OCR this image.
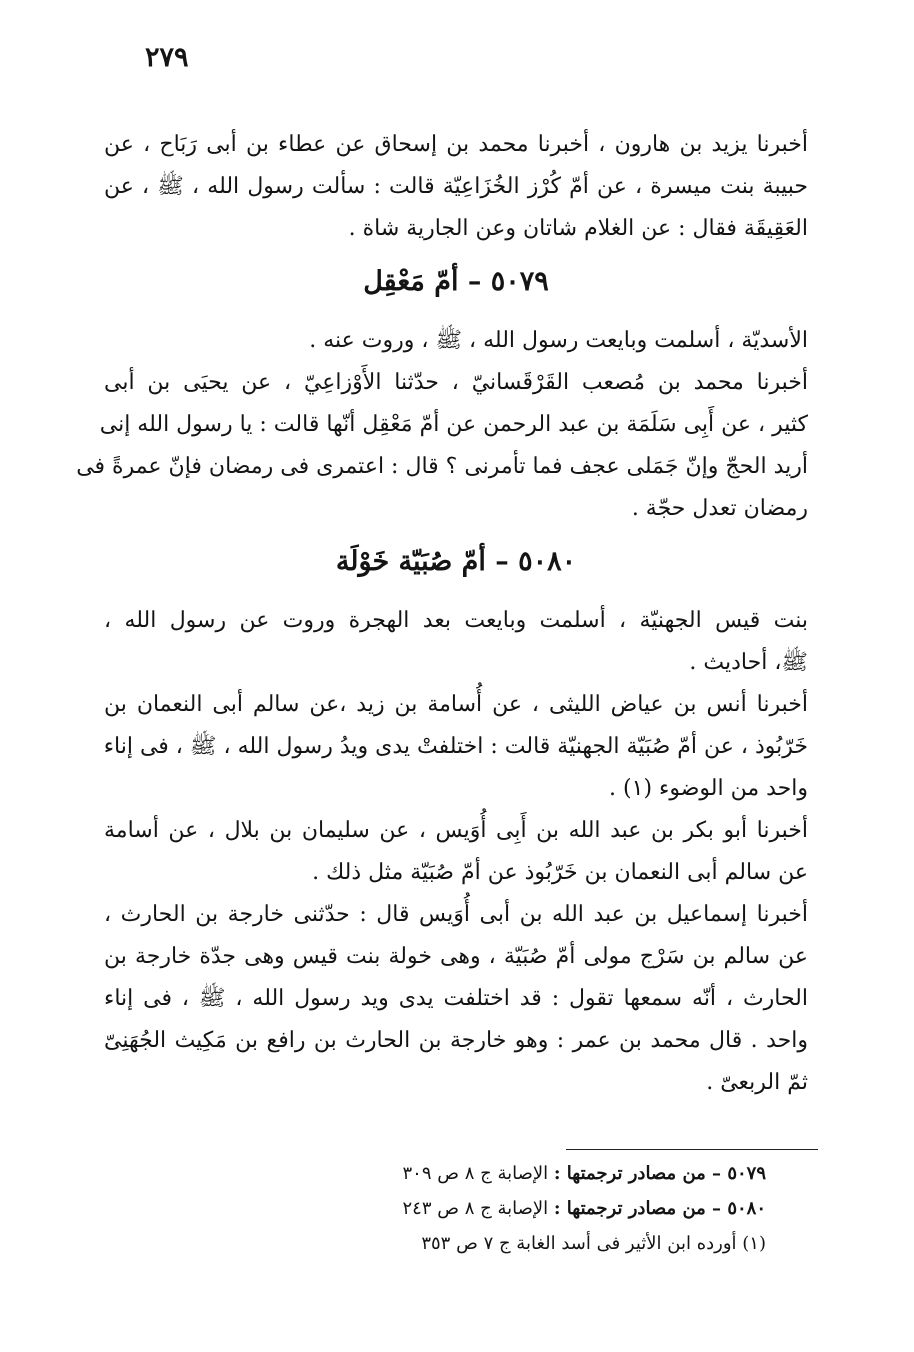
٢٧٩
أخبرنا يزيد بن هارون ، أخبرنا محمد بن إسحاق عن عطاء بن أبى رَبَاح ، عن
حبيبة بنت ميسرة ، عن أمّ كُرْز الخُزَاعِيّة قالت : سألت رسول الله ، ﷺ ، عن
العَقِيقَة فقال : عن الغلام شاتان وعن الجارية شاة .
٥٠٧٩ – أمّ مَعْقِل
الأسديّة ، أسلمت وبايعت رسول الله ، ﷺ ، وروت عنه .
أخبرنا محمد بن مُصعب القَرْقَسانيّ ، حدّثنا الأَوْزاعِيّ ، عن يحيَى بن أبى
كثير ، عن أَبِى سَلَمَة بن عبد الرحمن عن أمّ مَعْقِل أنّها قالت : يا رسول الله إنى
أريد الحجّ وإنّ جَمَلى عجف فما تأمرنى ؟ قال : اعتمرى فى رمضان فإنّ عمرةً فى
رمضان تعدل حجّة .
٥٠٨٠ – أمّ صُبَيّة خَوْلَة
بنت قيس الجهنيّة ، أسلمت وبايعت بعد الهجرة وروت عن رسول الله ،
ﷺ، أحاديث .
أخبرنا أنس بن عياض الليثى ، عن أُسامة بن زيد ،عن سالم أبى النعمان بن
خَرّبُوذ ، عن أمّ صُبَيّة الجهنيّة قالت : اختلفتْ يدى ويدُ رسول الله ، ﷺ ، فى إناء
واحد من الوضوء (١) .
أخبرنا أبو بكر بن عبد الله بن أَبِى أُوَيس ، عن سليمان بن بلال ، عن أسامة
عن سالم أبى النعمان بن خَرّبُوذ عن أمّ صُبَيّة مثل ذلك .
أخبرنا إسماعيل بن عبد الله بن أبى أُوَيس قال : حدّثنى خارجة بن الحارث ،
عن سالم بن سَرْج مولى أمّ صُبَيّة ، وهى خولة بنت قيس وهى جدّة خارجة بن
الحارث ، أنّه سمعها تقول : قد اختلفت يدى ويد رسول الله ، ﷺ ، فى إناء
واحد . قال محمد بن عمر : وهو خارجة بن الحارث بن رافع بن مَكِيث الجُهَنِىّ
ثمّ الربعىّ .
٥٠٧٩ – من مصادر ترجمتها : الإصابة ج ٨ ص ٣٠٩
٥٠٨٠ – من مصادر ترجمتها : الإصابة ج ٨ ص ٢٤٣
(١) أورده ابن الأثير فى أسد الغابة ج ٧ ص ٣٥٣
